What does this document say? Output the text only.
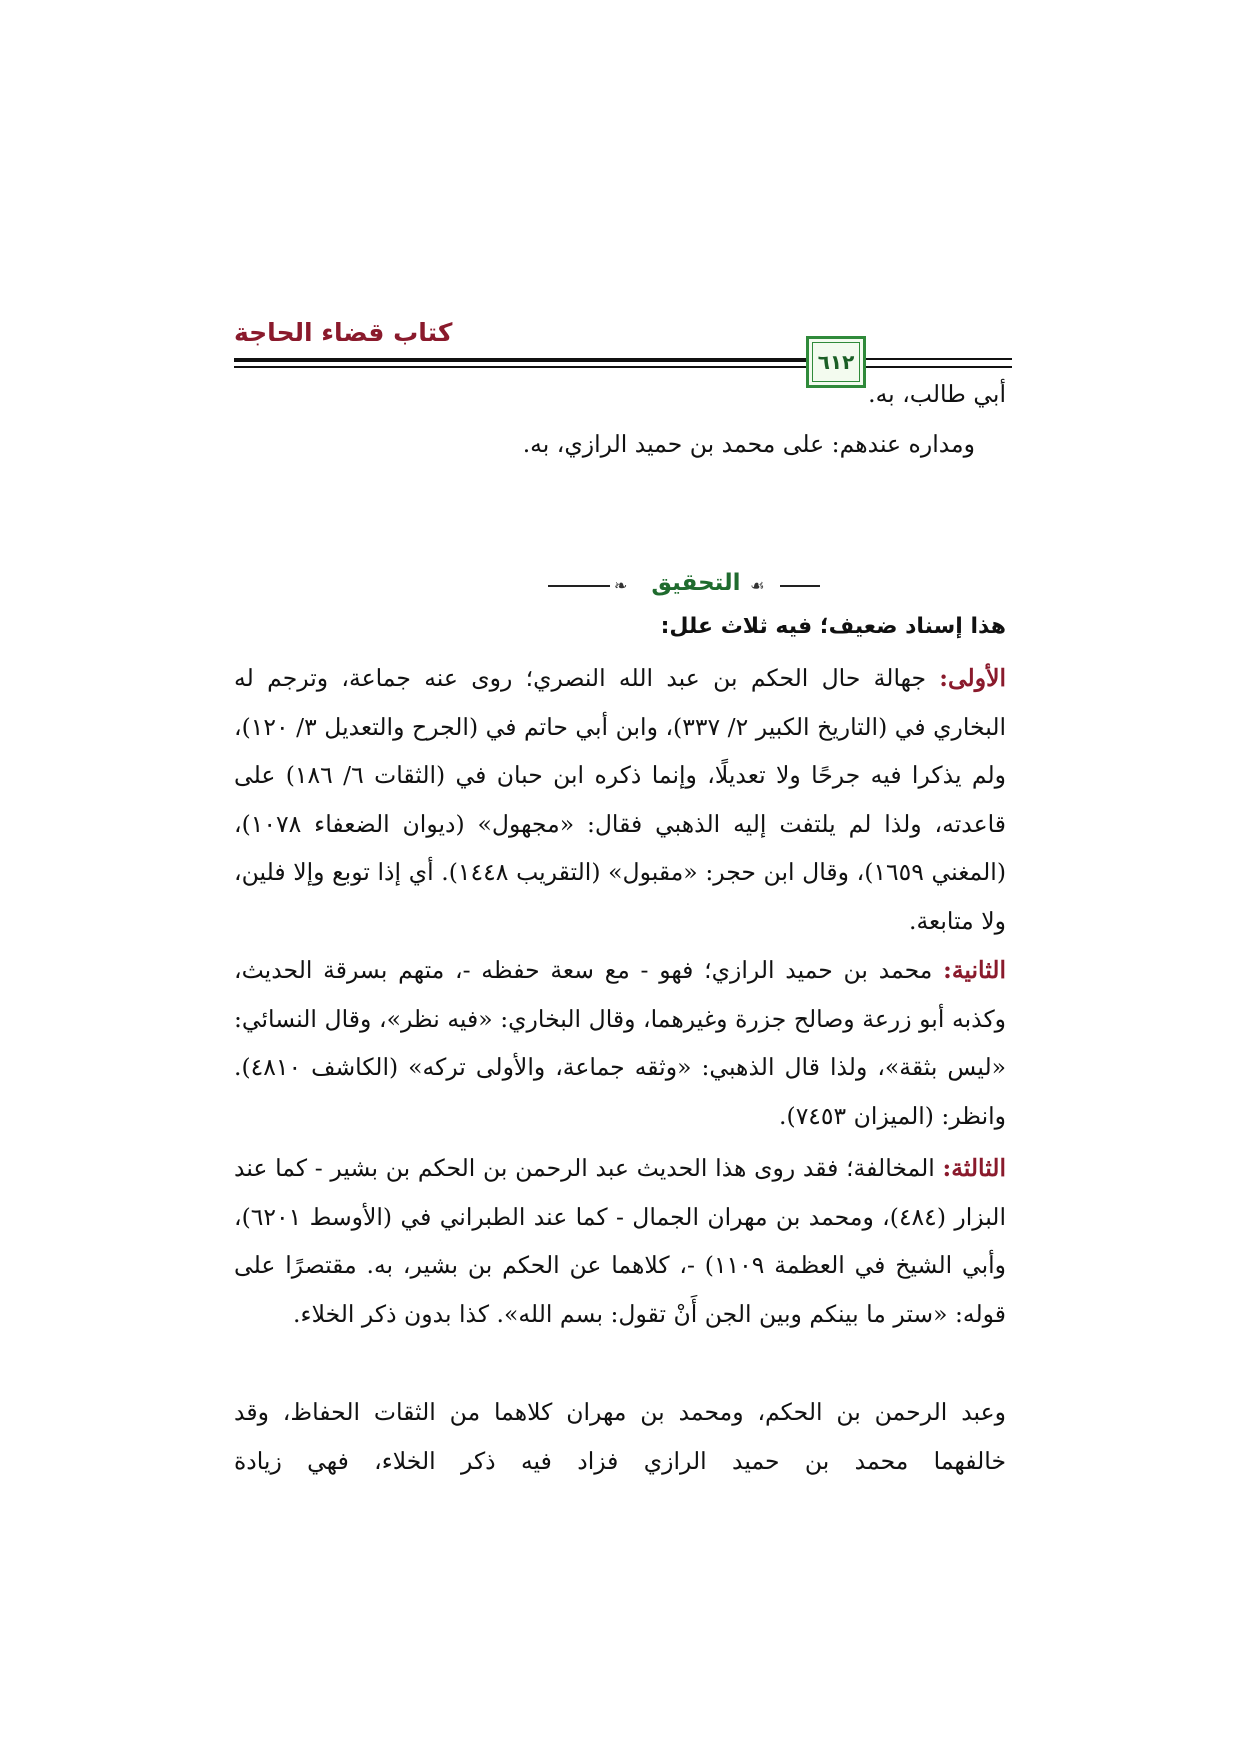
كتاب قضاء الحاجة
٦١٢
أبي طالب، به.
ومداره عندهم: على محمد بن حميد الرازي، به.
❧ التحقيق ☙
هذا إسناد ضعيف؛ فيه ثلاث علل:
الأولى: جهالة حال الحكم بن عبد الله النصري؛ روى عنه جماعة، وترجم له البخاري في (التاريخ الكبير ٢/ ٣٣٧)، وابن أبي حاتم في (الجرح والتعديل ٣/ ١٢٠)، ولم يذكرا فيه جرحًا ولا تعديلًا، وإنما ذكره ابن حبان في (الثقات ٦/ ١٨٦) على قاعدته، ولذا لم يلتفت إليه الذهبي فقال: «مجهول» (ديوان الضعفاء ١٠٧٨)، (المغني ١٦٥٩)، وقال ابن حجر: «مقبول» (التقريب ١٤٤٨). أي إذا توبع وإلا فلين، ولا متابعة.
الثانية: محمد بن حميد الرازي؛ فهو - مع سعة حفظه -، متهم بسرقة الحديث، وكذبه أبو زرعة وصالح جزرة وغيرهما، وقال البخاري: «فيه نظر»، وقال النسائي: «ليس بثقة»، ولذا قال الذهبي: «وثقه جماعة، والأولى تركه» (الكاشف ٤٨١٠). وانظر: (الميزان ٧٤٥٣).
الثالثة: المخالفة؛ فقد روى هذا الحديث عبد الرحمن بن الحكم بن بشير - كما عند البزار (٤٨٤)، ومحمد بن مهران الجمال - كما عند الطبراني في (الأوسط ٦٢٠١)، وأبي الشيخ في العظمة ١١٠٩) -، كلاهما عن الحكم بن بشير، به. مقتصرًا على قوله: «ستر ما بينكم وبين الجن أَنْ تقول: بسم الله». كذا بدون ذكر الخلاء.
وعبد الرحمن بن الحكم، ومحمد بن مهران كلاهما من الثقات الحفاظ، وقد خالفهما محمد بن حميد الرازي فزاد فيه ذكر الخلاء، فهي زيادة
